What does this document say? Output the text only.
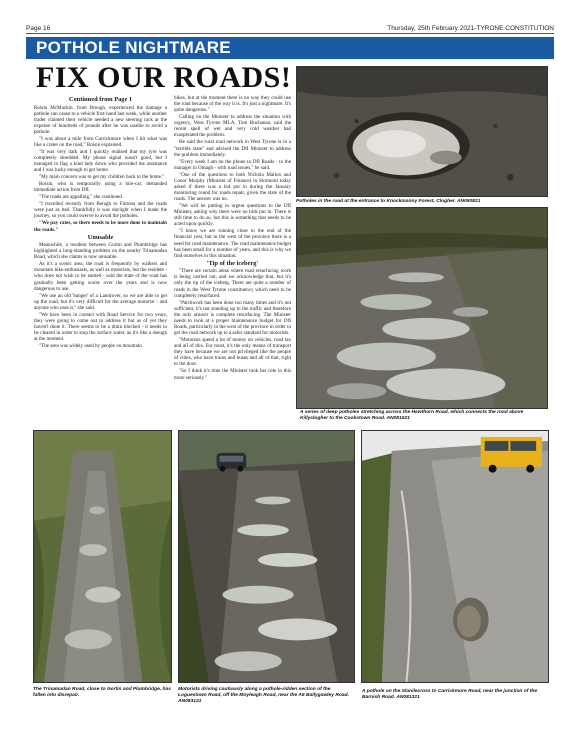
Page 16	Thursday, 25th February 2021-TYRONE CONSTITUTION
POTHOLE NIGHTMARE
FIX OUR ROADS!
Continued from Page 1

Roisin McMackin, from Brough, experienced the damage a pothole can cause to a vehicle first-hand last week, while another trader claimed their vehicle needed a new steering rack at the expense of hundreds of pounds after he was unable to avoid a pothole.

"I was about a mile from Carrickmore when I hit what was like a crater on the road," Roisin explained.

"It was very dark and I quickly realised that my tyre was completely shredded. My phone signal wasn't good, but I managed to flag a kind lady down who provided me assistance and I was lucky enough to get home.

"My main concern was to get my children back to the home."

Roisin, who is temporarily using a hire-car, demanded immediate action from DfI.

"The roads are appalling," she continued.

"I travelled recently from Beragh to Fintona and the roads were just as bad. Thankfully it was daylight when I made the journey, so you could swerve to avoid the potholes.

"We pay rates, so there needs to be more done to maintain the roads."

Unusable

Meanwhile, a resident between Gortin and Plumbridge has highlighted a long-standing problem on the nearby Trinamadan Road, which she claims is now unusable.

As it's a scenic area, the road is frequently by walkers and mountain bike enthusiasts, as well as motorists, but the resident - who does not wish to be named - said the state of the road has gradually been getting worse over the years and is now dangerous to use.

"We use an old 'banger' of a Landrover, so we are able to get up the road, but it's very difficult for the average motorist - and anyone who uses it," she said.

"We have been in contact with Road Service for two years, they were going to come out to address it but as of yet they haven't done it. There seems to be a drain blocked - it needs to be cleared in order to stop the surface water, as it's like a sheugh at the moment.

"The area was widely used by people on mountain

bikes, but at the moment there is no way they could use the road because of the way it is. It's just a nightmare. It's quite dangerous."

Calling on the Minister to address the situation with urgency, West Tyrone MLA, Tom Buchanan, said the recent spell of wet and very cold weather had exasperated the problem.

He said the rural road network in West Tyrone is in a "terrible state" and advised the DfI Minister to address the problem immediately.

"Every week I am on the phone to DfI Roads - to the manager in Omagh - with road issues," he said.

"One of the questions to both Nichola Mallon and Conor Murphy (Minister of Finance) in Stormont today asked if there was a bid put in during the January monitoring round for roads repair, given the state of the roads. The answer was no.

"We will be putting in urgent questions to the DfI Minister, asking why there were no bids put in. There is still time to do so, but this is something that needs to be acted upon quickly.

"I know we are running close to the end of the financial year, but in the west of the province there is a need for road maintenance. The road maintenance budget has been small for a number of years, and this is why we find ourselves in this situation.

'Tip of the iceberg'

"There are certain areas where road resurfacing work is being carried out, and we acknowledge that, but it's only the tip of the iceberg. There are quite a number of roads in the West Tyrone constituency which need to be completely resurfaced.

"Patchwork has been done too many times and it's not sufficient, it's not standing up to the traffic and therefore the only answer is complete resurfacing. The Minister needs to look at a proper maintenance budget for DfI Roads, particularly in the west of the province in order to get the road network up to a safer standard for motorists.

"Motorists spend a lot of money on vehicles, road tax and all of this. For most, it's the only means of transport they have because we are not privileged like the people of cities, who have trains and buses and all of that, right to the door.

"So I think it's time the Minister took her role in this more seriously."

Potholes in the road at the entrance to Knockmanny Forest, Clogher. AN080821
A series of deep potholes stretching across the Hawthorn Road, which connects the road above Killyclogher to the Cookstown Road. AN081521
The Trinamadan Road, close to Gortin and Plumbridge, has fallen into disrepair.
Motorists driving cautiously along a pothole-ridden section of the Loguestown Road, off the Moyleagh Road, near the A5 Ballygawley Road. AN083121
A pothole on the Slanilecross to Carrickmore Road, near the junction of the Barnish Road. AN081321
